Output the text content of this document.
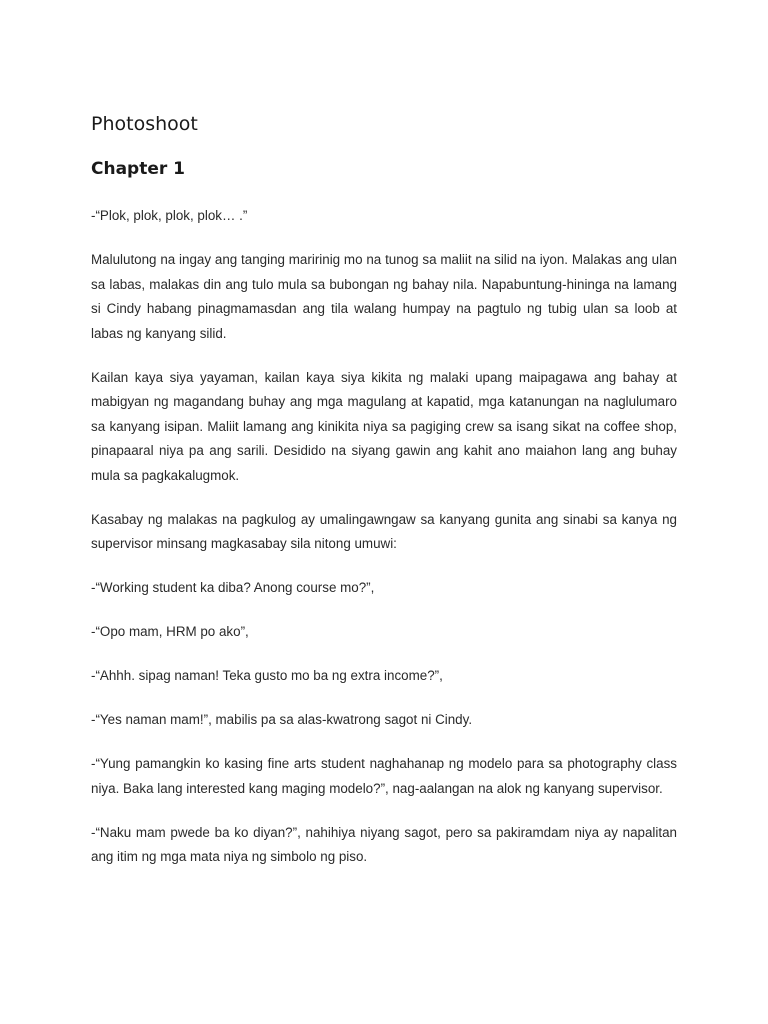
Photoshoot
Chapter 1

-“Plok, plok, plok, plok… .”

Malulutong na ingay ang tanging maririnig mo na tunog sa maliit na silid na iyon. Malakas ang ulan sa labas, malakas din ang tulo mula sa bubongan ng bahay nila. Napabuntung-hininga na lamang si Cindy habang pinagmamasdan ang tila walang humpay na pagtulo ng tubig ulan sa loob at labas ng kanyang silid.

Kailan kaya siya yayaman, kailan kaya siya kikita ng malaki upang maipagawa ang bahay at mabigyan ng magandang buhay ang mga magulang at kapatid, mga katanungan na naglulumaro sa kanyang isipan. Maliit lamang ang kinikita niya sa pagiging crew sa isang sikat na coffee shop, pinapaaral niya pa ang sarili. Desidido na siyang gawin ang kahit ano maiahon lang ang buhay mula sa pagkakalugmok.

Kasabay ng malakas na pagkulog ay umalingawngaw sa kanyang gunita ang sinabi sa kanya ng supervisor minsang magkasabay sila nitong umuwi:

-“Working student ka diba? Anong course mo?”,

-“Opo mam, HRM po ako”,

-“Ahhh. sipag naman! Teka gusto mo ba ng extra income?”,

-“Yes naman mam!”, mabilis pa sa alas-kwatrong sagot ni Cindy.

-“Yung pamangkin ko kasing fine arts student naghahanap ng modelo para sa photography class niya. Baka lang interested kang maging modelo?”, nag-aalangan na alok ng kanyang supervisor.

-“Naku mam pwede ba ko diyan?”, nahihiya niyang sagot, pero sa pakiramdam niya ay napalitan ang itim ng mga mata niya ng simbolo ng piso.
